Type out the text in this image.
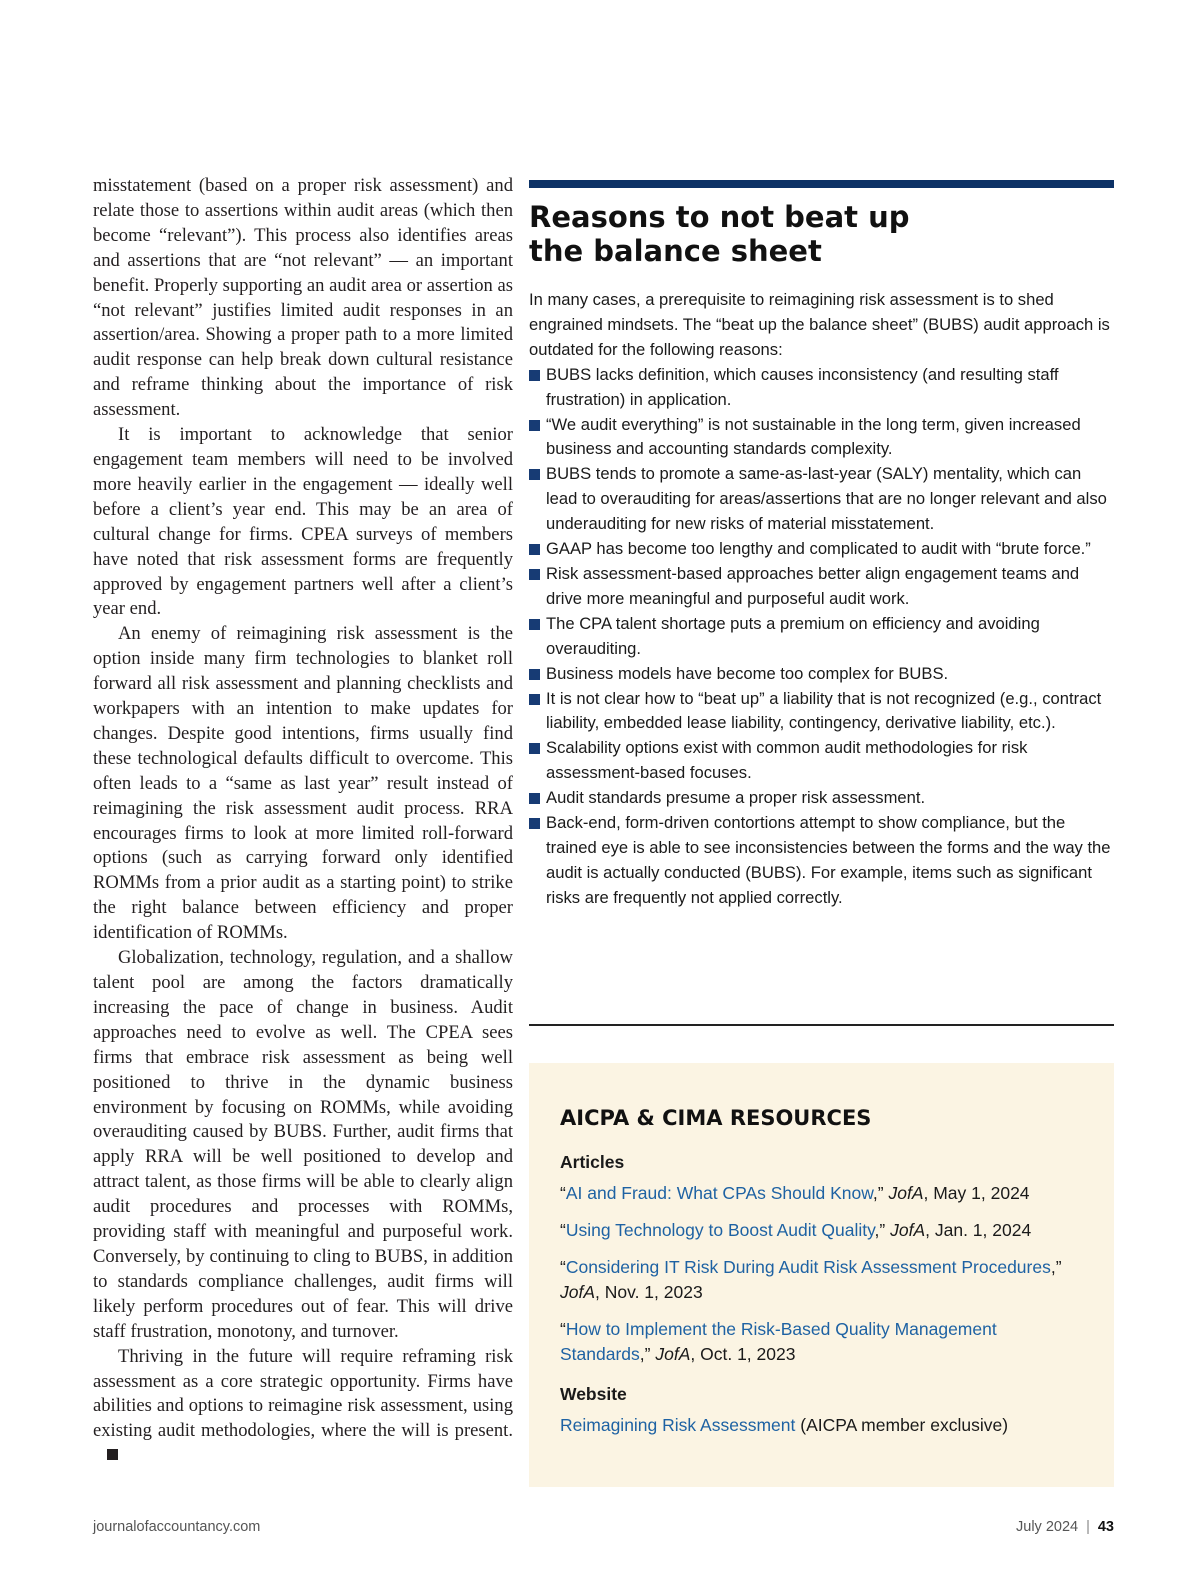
misstatement (based on a proper risk assessment) and relate those to assertions within audit areas (which then become “relevant”). This process also identifies areas and assertions that are “not relevant” — an important benefit. Properly supporting an audit area or assertion as “not relevant” justifies limited audit responses in an assertion/area. Showing a proper path to a more limited audit response can help break down cultural resistance and reframe thinking about the importance of risk assessment.

It is important to acknowledge that senior engagement team members will need to be involved more heavily earlier in the engagement — ideally well before a client’s year end. This may be an area of cultural change for firms. CPEA surveys of members have noted that risk assessment forms are frequently approved by engagement partners well after a client’s year end.

An enemy of reimagining risk assessment is the option inside many firm technologies to blanket roll forward all risk assessment and planning checklists and workpapers with an intention to make updates for changes. Despite good intentions, firms usually find these technological defaults difficult to overcome. This often leads to a “same as last year” result instead of reimagining the risk assessment audit process. RRA encourages firms to look at more limited roll-forward options (such as carrying forward only identified ROMMs from a prior audit as a starting point) to strike the right balance between efficiency and proper identification of ROMMs.

Globalization, technology, regulation, and a shallow talent pool are among the factors dramatically increasing the pace of change in business. Audit approaches need to evolve as well. The CPEA sees firms that embrace risk assessment as being well positioned to thrive in the dynamic business environment by focusing on ROMMs, while avoiding overauditing caused by BUBS. Further, audit firms that apply RRA will be well positioned to develop and attract talent, as those firms will be able to clearly align audit procedures and processes with ROMMs, providing staff with meaningful and purposeful work. Conversely, by continuing to cling to BUBS, in addition to standards compliance challenges, audit firms will likely perform procedures out of fear. This will drive staff frustration, monotony, and turnover.

Thriving in the future will require reframing risk assessment as a core strategic opportunity. Firms have abilities and options to reimagine risk assessment, using existing audit methodologies, where the will is present.

Reasons to not beat up
the balance sheet

In many cases, a prerequisite to reimagining risk assessment is to shed engrained mindsets. The “beat up the balance sheet” (BUBS) audit approach is outdated for the following reasons:

BUBS lacks definition, which causes inconsistency (and resulting staff frustration) in application.
“We audit everything” is not sustainable in the long term, given increased business and accounting standards complexity.
BUBS tends to promote a same-as-last-year (SALY) mentality, which can lead to overauditing for areas/assertions that are no longer relevant and also underauditing for new risks of material misstatement.
GAAP has become too lengthy and complicated to audit with “brute force.”
Risk assessment-based approaches better align engagement teams and drive more meaningful and purposeful audit work.
The CPA talent shortage puts a premium on efficiency and avoiding overauditing.
Business models have become too complex for BUBS.
It is not clear how to “beat up” a liability that is not recognized (e.g., contract liability, embedded lease liability, contingency, derivative liability, etc.).
Scalability options exist with common audit methodologies for risk assessment-based focuses.
Audit standards presume a proper risk assessment.
Back-end, form-driven contortions attempt to show compliance, but the trained eye is able to see inconsistencies between the forms and the way the audit is actually conducted (BUBS). For example, items such as significant risks are frequently not applied correctly.
AICPA & CIMA RESOURCES
Articles

“AI and Fraud: What CPAs Should Know,” JofA, May 1, 2024

“Using Technology to Boost Audit Quality,” JofA, Jan. 1, 2024

“Considering IT Risk During Audit Risk Assessment Procedures,” JofA, Nov. 1, 2023

“How to Implement the Risk-Based Quality Management Standards,” JofA, Oct. 1, 2023

Website

Reimagining Risk Assessment (AICPA member exclusive)

journalofaccountancy.com	July 2024 | 43
